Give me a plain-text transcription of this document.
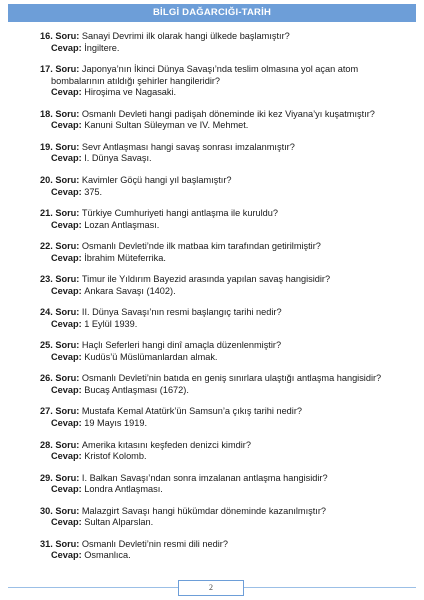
BİLGİ DAĞARCIĞI-TARİH
16. Soru: Sanayi Devrimi ilk olarak hangi ülkede başlamıştır?
Cevap: İngiltere.
17. Soru: Japonya’nın İkinci Dünya Savaşı’nda teslim olmasına yol açan atom
bombalarının atıldığı şehirler hangileridir?
Cevap: Hiroşima ve Nagasaki.
18. Soru: Osmanlı Devleti hangi padişah döneminde iki kez Viyana’yı kuşatmıştır?
Cevap: Kanuni Sultan Süleyman ve IV. Mehmet.
19. Soru: Sevr Antlaşması hangi savaş sonrası imzalanmıştır?
Cevap: I. Dünya Savaşı.
20. Soru: Kavimler Göçü hangi yıl başlamıştır?
Cevap: 375.
21. Soru: Türkiye Cumhuriyeti hangi antlaşma ile kuruldu?
Cevap: Lozan Antlaşması.
22. Soru: Osmanlı Devleti’nde ilk matbaa kim tarafından getirilmiştir?
Cevap: İbrahim Müteferrika.
23. Soru: Timur ile Yıldırım Bayezid arasında yapılan savaş hangisidir?
Cevap: Ankara Savaşı (1402).
24. Soru: II. Dünya Savaşı’nın resmi başlangıç tarihi nedir?
Cevap: 1 Eylül 1939.
25. Soru: Haçlı Seferleri hangi dinî amaçla düzenlenmiştir?
Cevap: Kudüs’ü Müslümanlardan almak.
26. Soru: Osmanlı Devleti’nin batıda en geniş sınırlara ulaştığı antlaşma hangisidir?
Cevap: Bucaş Antlaşması (1672).
27. Soru: Mustafa Kemal Atatürk’ün Samsun’a çıkış tarihi nedir?
Cevap: 19 Mayıs 1919.
28. Soru: Amerika kıtasını keşfeden denizci kimdir?
Cevap: Kristof Kolomb.
29. Soru: I. Balkan Savaşı’ndan sonra imzalanan antlaşma hangisidir?
Cevap: Londra Antlaşması.
30. Soru: Malazgirt Savaşı hangi hükümdar döneminde kazanılmıştır?
Cevap: Sultan Alparslan.
31. Soru: Osmanlı Devleti’nin resmi dili nedir?
Cevap: Osmanlıca.
2
